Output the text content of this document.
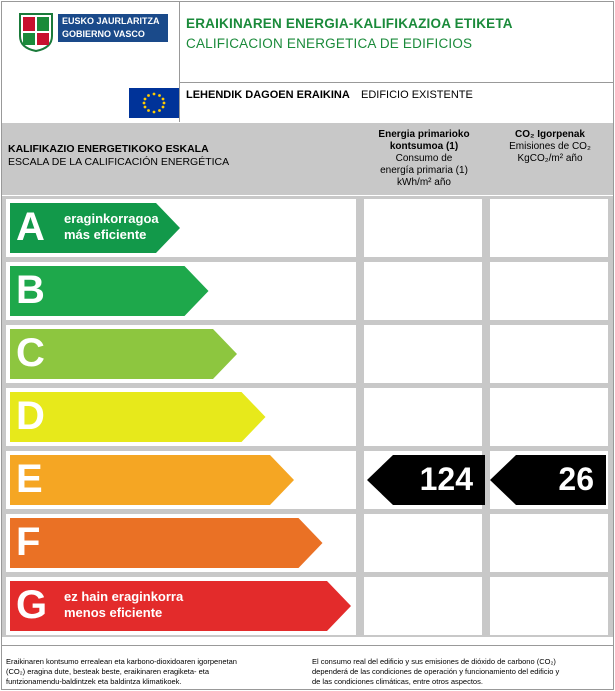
EUSKO JAURLARITZA
GOBIERNO VASCO
ERAIKINAREN ENERGIA-KALIFIKAZIOA ETIKETA
CALIFICACION ENERGETICA DE EDIFICIOS
LEHENDIK DAGOEN ERAIKINA EDIFICIO EXISTENTE
KALIFIKAZIO ENERGETIKOKO ESKALA
ESCALA DE LA CALIFICACIÓN ENERGÉTICA
Energia primarioko
kontsumoa (1)
Consumo de
energía primaria (1)
kWh/m² año
CO₂ Igorpenak
Emisiones de CO₂
KgCO₂/m² año
A eraginkorragoa
más eficiente
B
C
D
E	124	26
F
G ez hain eraginkorra
menos eficiente
Eraikinaren kontsumo errealean eta karbono-dioxidoaren igorpenetan
(CO₂) eragina dute, besteak beste, eraikinaren eragiketa- eta
funtzionamendu-baldintzek eta baldintza klimatikoek.
El consumo real del edificio y sus emisiones de dióxido de carbono (CO₂)
dependerá de las condiciones de operación y funcionamiento del edificio y
de las condiciones climáticas, entre otros aspectos.
